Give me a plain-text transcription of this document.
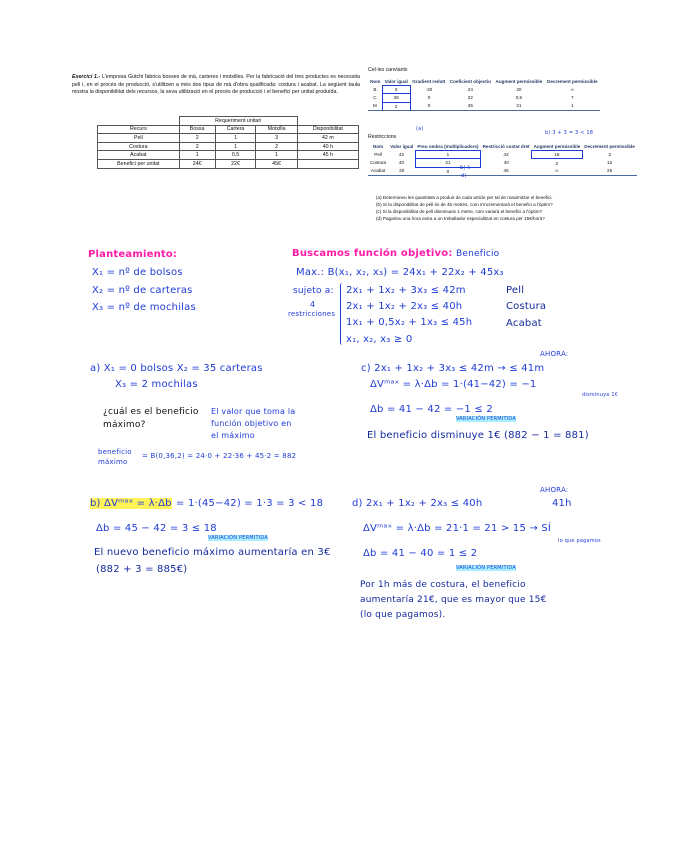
Exercici 1.- L'empresa Gutchi fabrica bosses de mà, carteres i motxilles. Per la fabricació del tres productes es necessita pell i, en el procés de producció, s'utilitzen a més dos tipus de mà d'obra qualificada: costura i acabat. La següent taula mostra la disponibilitat dels recursos, la seva utilització en el procés de producció i el benefici per unitat produïda.
	Requeriment unitari			
Recurs	Bossa	Cartera	Motxilla	Disponibilitat
Pell	2	1	3	42 m
Costura	2	1	2	40 h
Acabat	1	0,5	1	45 h
Benefici per unitat	24€	22€	45€	
Cel·les canviants
Nom	Valor igual	Gradient reduït	Coeficient objectiu	Augment permissible	Decrement permissible
B	0	-20	24	20	∞
C	36	0	22	0,5	7
M	2	0	45	21	1
(a)
Restriccions
b) 3 + 3 = 3 < 18
Nom	Valor igual	Preu ombra (multiplicadors)	Restricció costat dret	Augment permissible	Decrement permissible
Pell	42	1	42	18	2
Costura	40	21	40	2	12
Acabat	20	0	45	∞	25
b) λ
d)
(a) Determineu les quantitats a produir de cada article per tal de maximitzar el benefici.
(b) Si la disponibilitat de pell és de 45 metres, com s'incrementarà el benefici a l'òptim?
(c) Si la disponibilitat de pell disminueix 1 metre, com variarà el benefici a l'òptim?
(d) Pagaríeu una hora extra a un treballador especialitzat en costura per 15€/hora?
Planteamiento:
X₁ = nº de bolsos
X₂ = nº de carteras
X₃ = nº de mochilas
Buscamos función objetivo: Beneficio
Max.: B(x₁, x₂, x₃) = 24x₁ + 22x₂ + 45x₃
sujeto a:
4
restricciones
2x₁ + 1x₂ + 3x₃ ≤ 42m
2x₁ + 1x₂ + 2x₃ ≤ 40h
1x₁ + 0,5x₂ + 1x₃ ≤ 45h
x₁, x₂, x₃ ≥ 0
Pell
Costura
Acabat
a) X₁ = 0 bolsos X₂ = 35 carteras
X₃ = 2 mochilas
¿cuál es el beneficio
máximo?
El valor que toma la
función objetivo en
el máximo
beneficio
máximo
= B(0,36,2) = 24·0 + 22·36 + 45·2 = 882
AHORA:
c) 2x₁ + 1x₂ + 3x₃ ≤ 42m → ≤ 41m
ΔVᵐᵃˣ = λ·Δb = 1·(41−42) = −1
disminuye 1€
Δb = 41 − 42 = −1 ≤ 2
VARIACIÓN PERMITIDA
El beneficio disminuye 1€ (882 − 1 = 881)
b) ΔVᵐᵃˣ = λ·Δb = 1·(45−42) = 1·3 = 3 < 18
Δb = 45 − 42 = 3 ≤ 18
VARIACIÓN PERMITIDA
El nuevo beneficio máximo aumentaría en 3€
(882 + 3 = 885€)
AHORA:
d) 2x₁ + 1x₂ + 2x₃ ≤ 40h	41h
ΔVᵐᵃˣ = λ·Δb = 21·1 = 21 > 15 → SÍ
lo que pagamos
Δb = 41 − 40 = 1 ≤ 2
VARIACIÓN PERMITIDA
Por 1h más de costura, el beneficio
aumentaría 21€, que es mayor que 15€
(lo que pagamos).
